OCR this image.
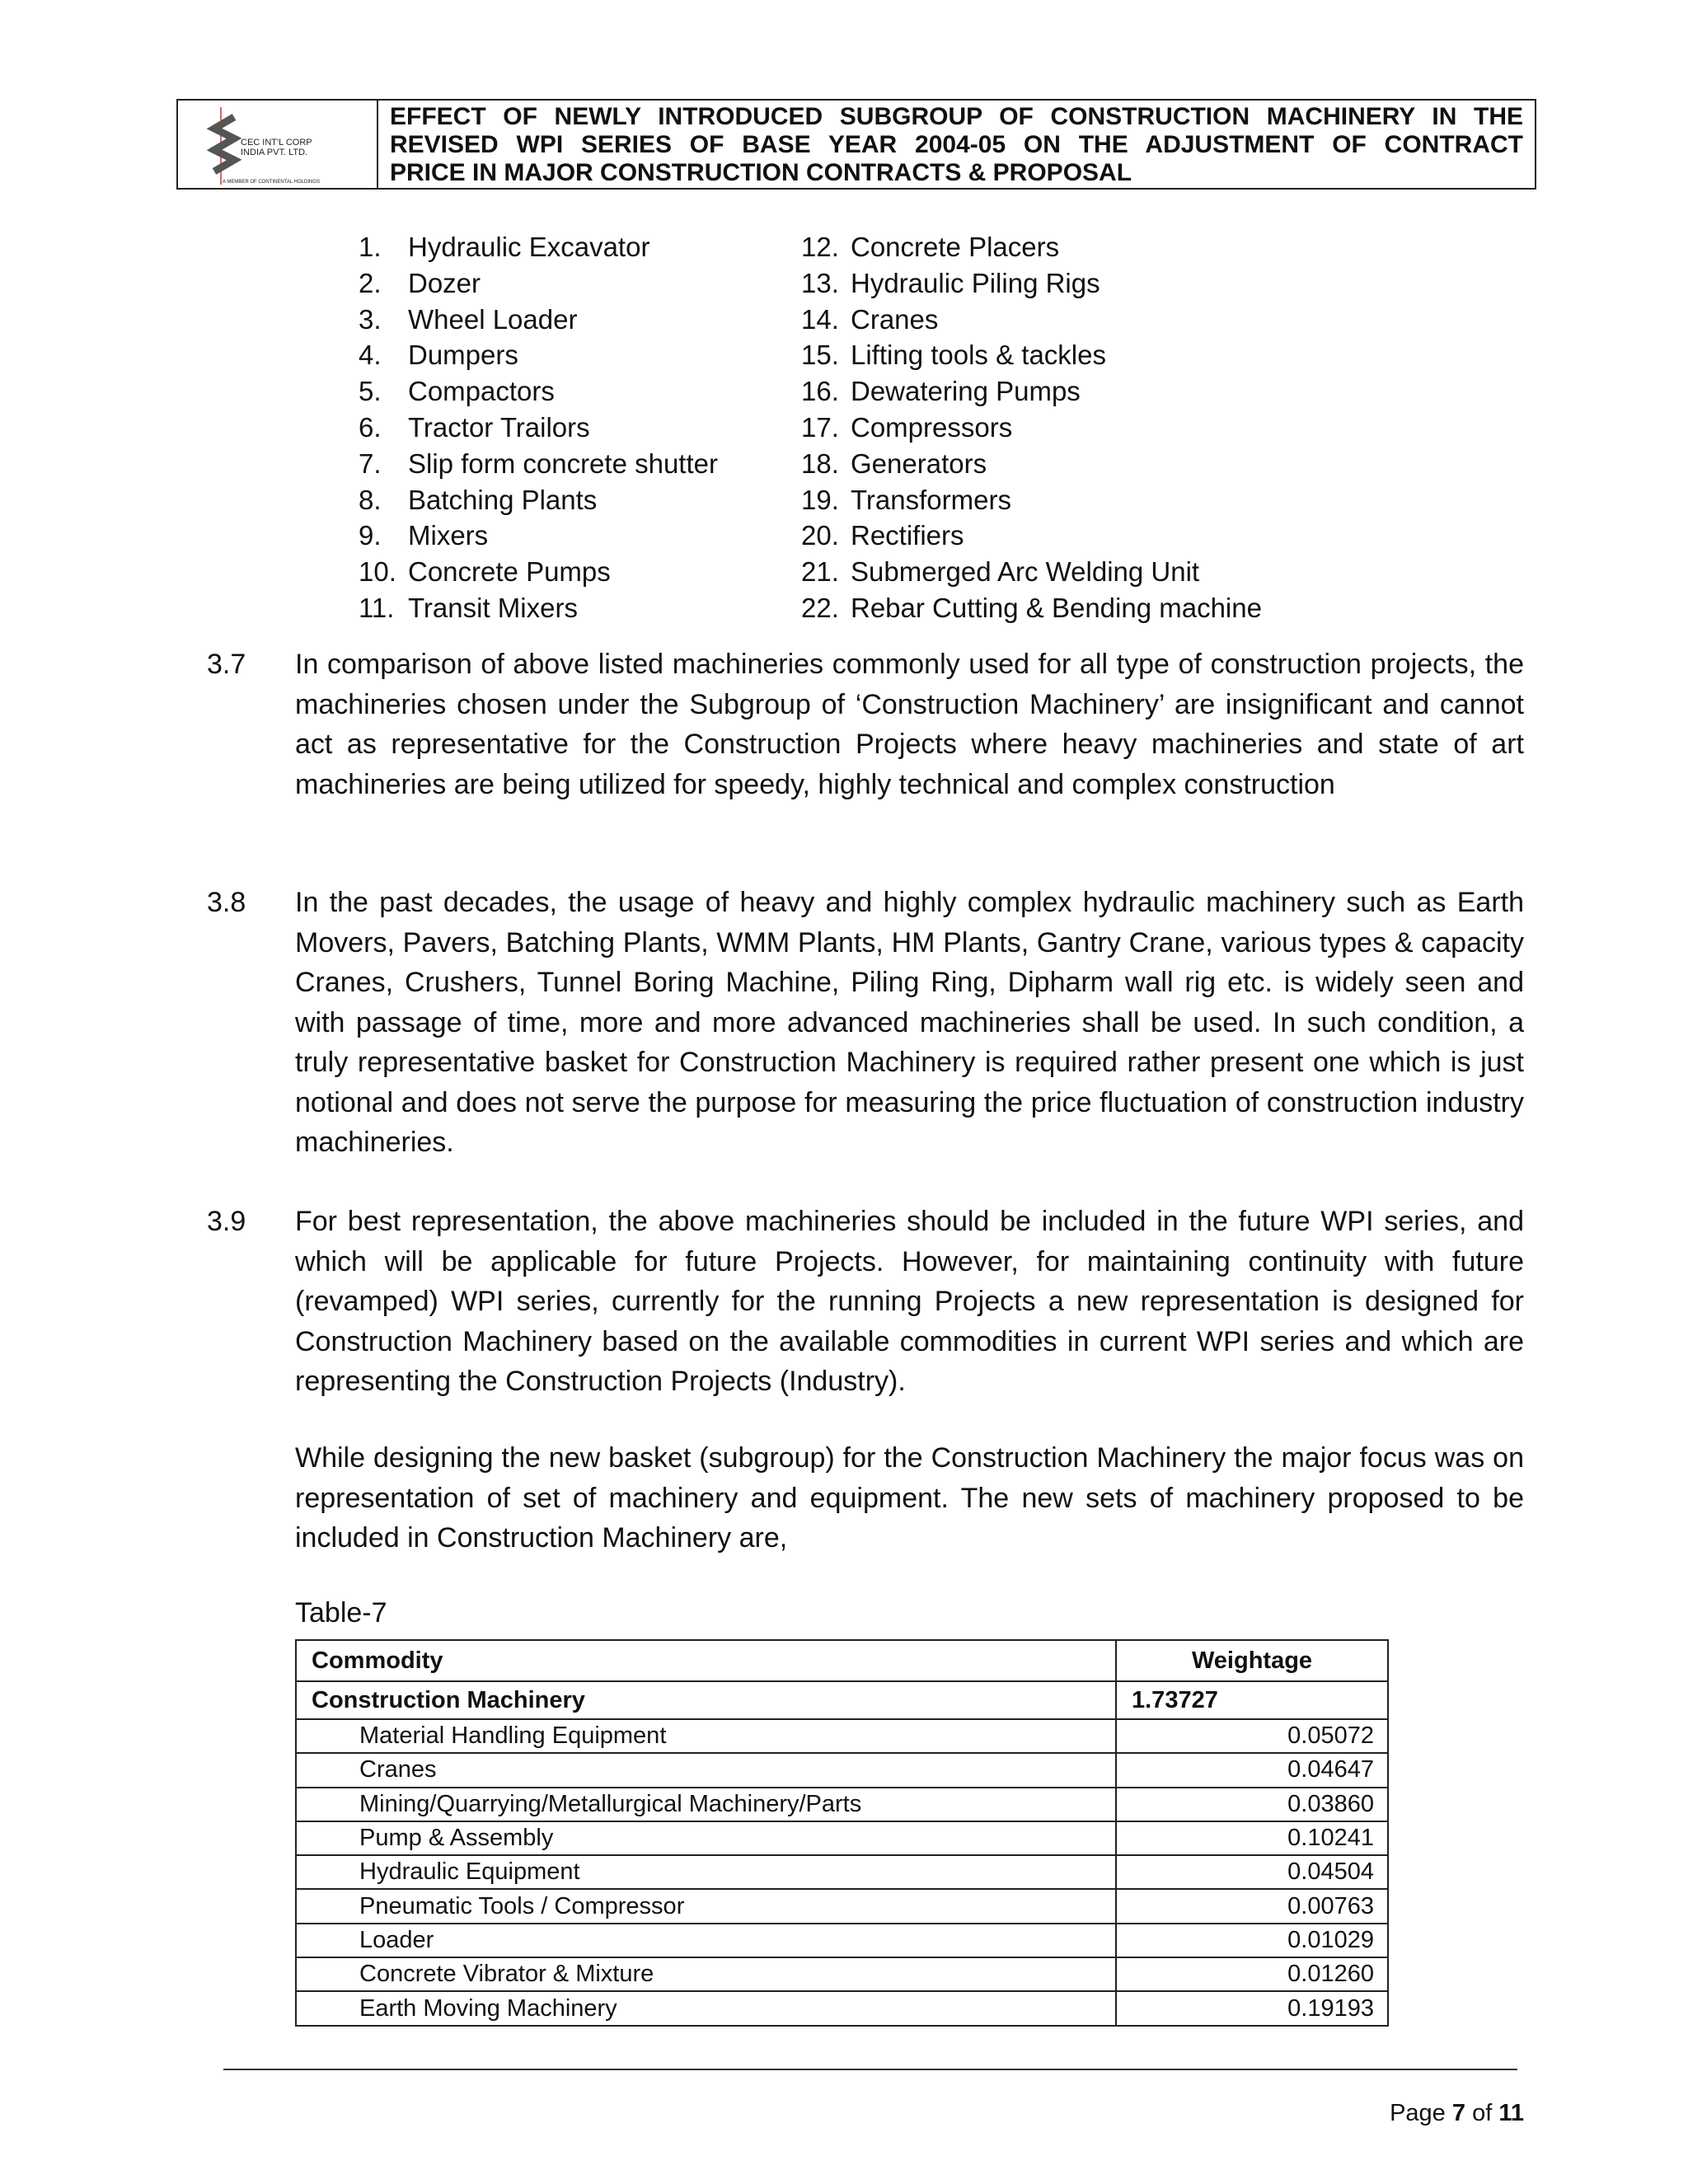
CEC INT'L CORP
INDIA PVT. LTD.
A MEMBER OF CONTINENTAL HOLDINGS
EFFECT OF NEWLY INTRODUCED SUBGROUP OF CONSTRUCTION MACHINERY IN THE
REVISED WPI SERIES OF BASE YEAR 2004-05 ON THE ADJUSTMENT OF CONTRACT
PRICE IN MAJOR CONSTRUCTION CONTRACTS & PROPOSAL
1. Hydraulic Excavator
2. Dozer
3. Wheel Loader
4. Dumpers
5. Compactors
6. Tractor Trailors
7. Slip form concrete shutter
8. Batching Plants
9. Mixers
10. Concrete Pumps
11. Transit Mixers
12. Concrete Placers
13. Hydraulic Piling Rigs
14. Cranes
15. Lifting tools & tackles
16. Dewatering Pumps
17. Compressors
18. Generators
19. Transformers
20. Rectifiers
21. Submerged Arc Welding Unit
22. Rebar Cutting & Bending machine
3.7 In comparison of above listed machineries commonly used for all type of construction projects, the machineries chosen under the Subgroup of ‘Construction Machinery’ are insignificant and cannot act as representative for the Construction Projects where heavy machineries and state of art machineries are being utilized for speedy, highly technical and complex construction
3.8 In the past decades, the usage of heavy and highly complex hydraulic machinery such as Earth Movers, Pavers, Batching Plants, WMM Plants, HM Plants, Gantry Crane, various types & capacity Cranes, Crushers, Tunnel Boring Machine, Piling Ring, Dipharm wall rig etc. is widely seen and with passage of time, more and more advanced machineries shall be used. In such condition, a truly representative basket for Construction Machinery is required rather present one which is just notional and does not serve the purpose for measuring the price fluctuation of construction industry machineries.
3.9 For best representation, the above machineries should be included in the future WPI series, and which will be applicable for future Projects. However, for maintaining continuity with future (revamped) WPI series, currently for the running Projects a new representation is designed for Construction Machinery based on the available commodities in current WPI series and which are representing the Construction Projects (Industry).
While designing the new basket (subgroup) for the Construction Machinery the major focus was on representation of set of machinery and equipment. The new sets of machinery proposed to be included in Construction Machinery are,
Table-7
Commodity	Weightage
Construction Machinery	1.73727
Material Handling Equipment	0.05072
Cranes	0.04647
Mining/Quarrying/Metallurgical Machinery/Parts	0.03860
Pump & Assembly	0.10241
Hydraulic Equipment	0.04504
Pneumatic Tools / Compressor	0.00763
Loader	0.01029
Concrete Vibrator & Mixture	0.01260
Earth Moving Machinery	0.19193
Page 7 of 11
